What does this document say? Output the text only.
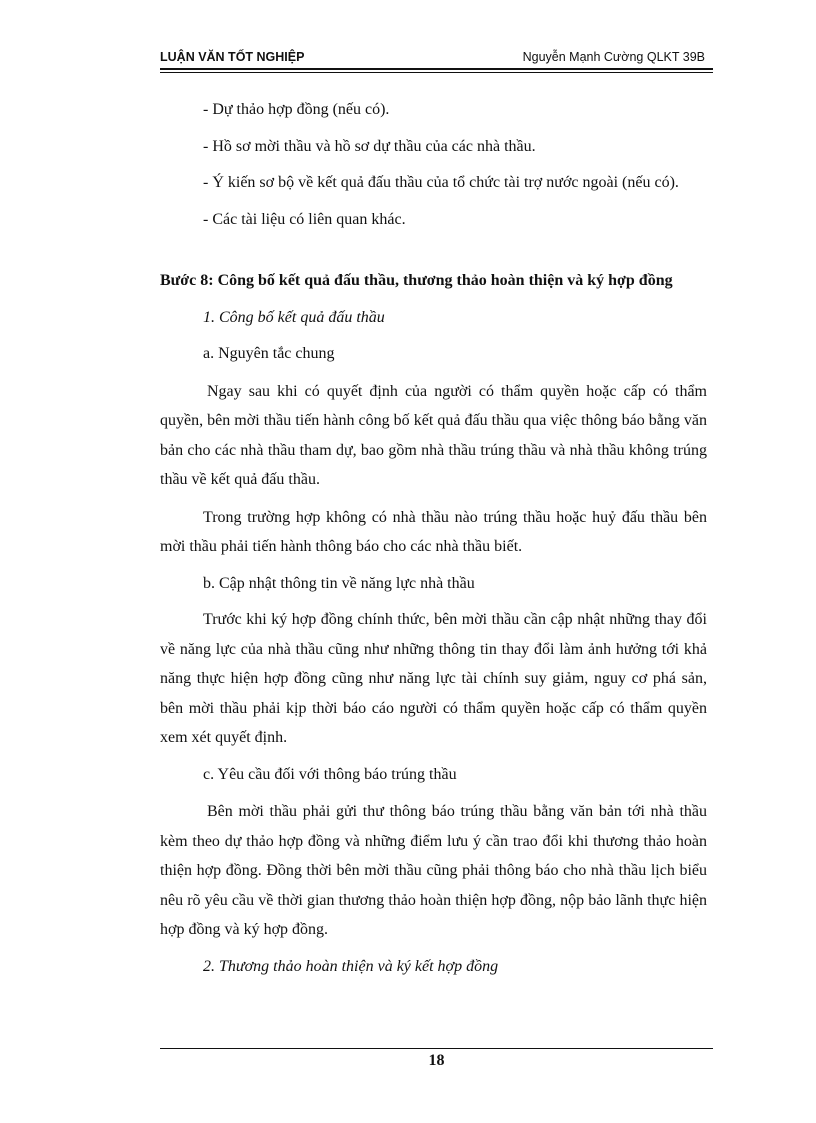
LUẬN VĂN TỐT NGHIỆP	Nguyễn Mạnh Cường QLKT 39B

- Dự thảo hợp đồng (nếu có).

- Hồ sơ mời thầu và hồ sơ dự thầu của các nhà thầu.

- Ý kiến sơ bộ về kết quả đấu thầu của tổ chức tài trợ nước ngoài (nếu có).

- Các tài liệu có liên quan khác.

Bước 8: Công bố kết quả đấu thầu, thương thảo hoàn thiện và ký hợp đồng

1. Công bố kết quả đấu thầu

a. Nguyên tắc chung

Ngay sau khi có quyết định của người có thẩm quyền hoặc cấp có thẩm quyền, bên mời thầu tiến hành công bố kết quả đấu thầu qua việc thông báo bằng văn bản cho các nhà thầu tham dự, bao gồm nhà thầu trúng thầu và nhà thầu không trúng thầu về kết quả đấu thầu.

Trong trường hợp không có nhà thầu nào trúng thầu hoặc huỷ đấu thầu bên mời thầu phải tiến hành thông báo cho các nhà thầu biết.

b. Cập nhật thông tin về năng lực nhà thầu

Trước khi ký hợp đồng chính thức, bên mời thầu cần cập nhật những thay đổi về năng lực của nhà thầu cũng như những thông tin thay đổi làm ảnh hưởng tới khả năng thực hiện hợp đồng cũng như năng lực tài chính suy giảm, nguy cơ phá sản, bên mời thầu phải kịp thời báo cáo người có thẩm quyền hoặc cấp có thẩm quyền xem xét quyết định.

c. Yêu cầu đối với thông báo trúng thầu

Bên mời thầu phải gửi thư thông báo trúng thầu bằng văn bản tới nhà thầu kèm theo dự thảo hợp đồng và những điểm lưu ý cần trao đổi khi thương thảo hoàn thiện hợp đồng. Đồng thời bên mời thầu cũng phải thông báo cho nhà thầu lịch biểu nêu rõ yêu cầu về thời gian thương thảo hoàn thiện hợp đồng, nộp bảo lãnh thực hiện hợp đồng và ký hợp đồng.

2. Thương thảo hoàn thiện và ký kết hợp đồng

18
